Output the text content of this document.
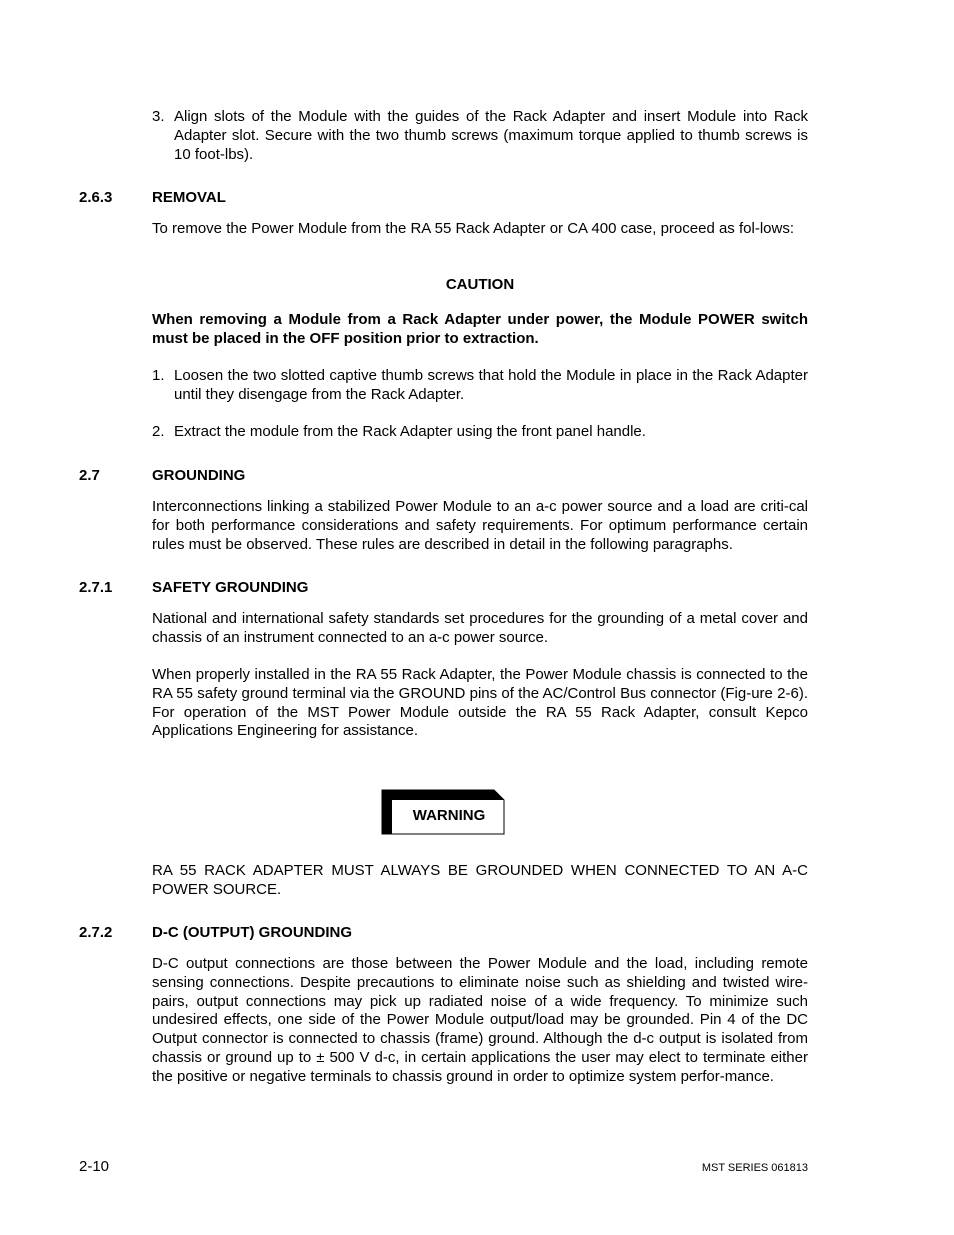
3. Align slots of the Module with the guides of the Rack Adapter and insert Module into Rack Adapter slot. Secure with the two thumb screws (maximum torque applied to thumb screws is 10 foot-lbs).
2.6.3	REMOVAL

To remove the Power Module from the RA 55 Rack Adapter or CA 400 case, proceed as fol-lows:

CAUTION

When removing a Module from a Rack Adapter under power, the Module POWER switch must be placed in the OFF position prior to extraction.

1. Loosen the two slotted captive thumb screws that hold the Module in place in the Rack Adapter until they disengage from the Rack Adapter.
2. Extract the module from the Rack Adapter using the front panel handle.
2.7	GROUNDING

Interconnections linking a stabilized Power Module to an a-c power source and a load are criti-cal for both performance considerations and safety requirements. For optimum performance certain rules must be observed. These rules are described in detail in the following paragraphs.

2.7.1	SAFETY GROUNDING

National and international safety standards set procedures for the grounding of a metal cover and chassis of an instrument connected to an a-c power source.

When properly installed in the RA 55 Rack Adapter, the Power Module chassis is connected to the RA 55 safety ground terminal via the GROUND pins of the AC/Control Bus connector (Fig-ure 2-6). For operation of the MST Power Module outside the RA 55 Rack Adapter, consult Kepco Applications Engineering for assistance.

WARNING

RA 55 RACK ADAPTER MUST ALWAYS BE GROUNDED WHEN CONNECTED TO AN A-C POWER SOURCE.

2.7.2	D-C (OUTPUT) GROUNDING

D-C output connections are those between the Power Module and the load, including remote sensing connections. Despite precautions to eliminate noise such as shielding and twisted wire-pairs, output connections may pick up radiated noise of a wide frequency. To minimize such undesired effects, one side of the Power Module output/load may be grounded. Pin 4 of the DC Output connector is connected to chassis (frame) ground. Although the d-c output is isolated from chassis or ground up to ± 500 V d-c, in certain applications the user may elect to terminate either the positive or negative terminals to chassis ground in order to optimize system perfor-mance.

2-10	MST SERIES 061813
